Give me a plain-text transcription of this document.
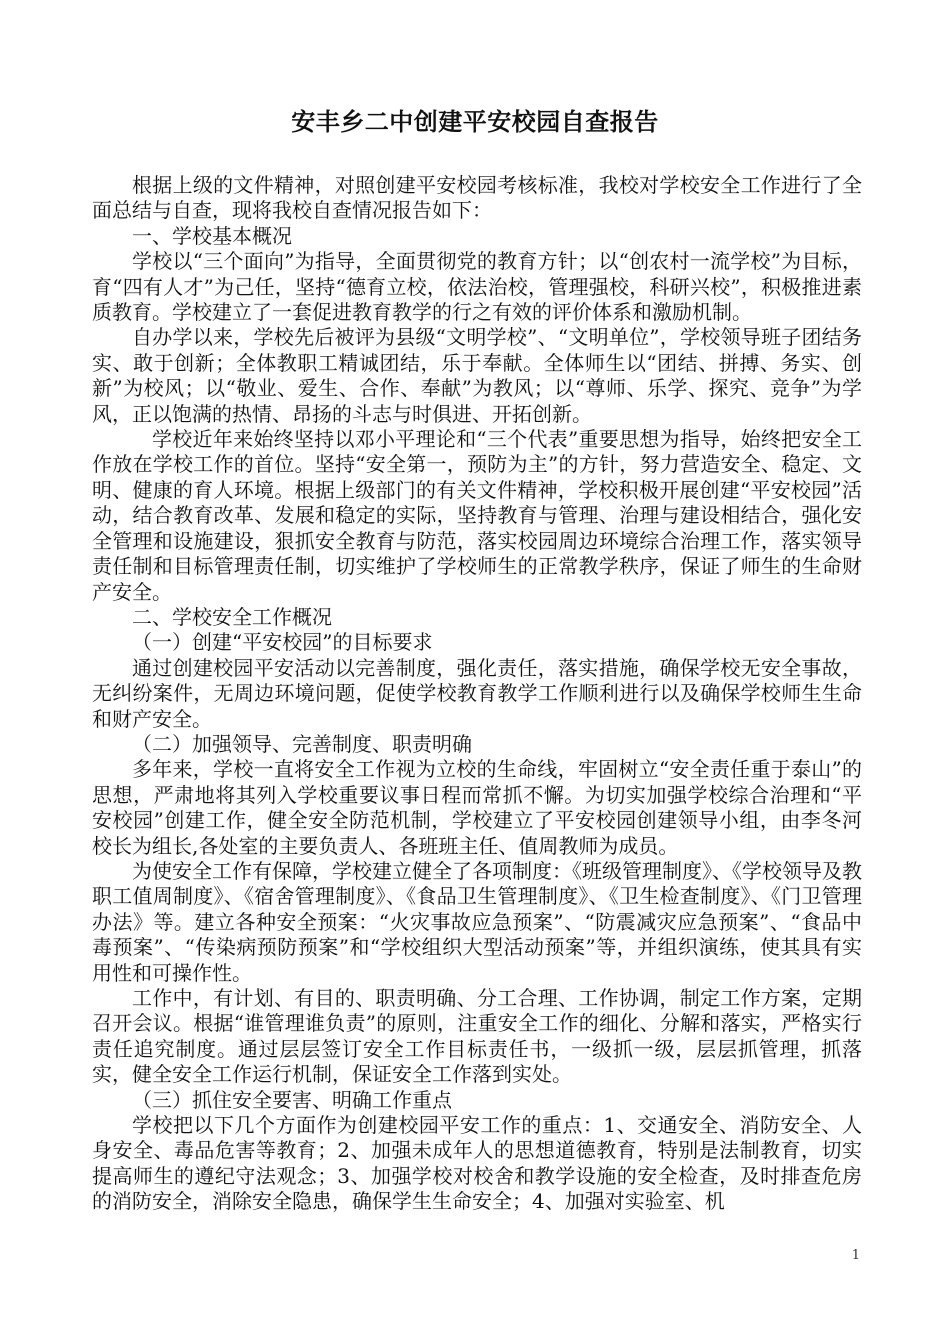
安丰乡二中创建平安校园自查报告

根据上级的文件精神，对照创建平安校园考核标准，我校对学校安全工作进行了全面总结与自查，现将我校自查情况报告如下：

一、学校基本概况

学校以“三个面向”为指导，全面贯彻党的教育方针；以“创农村一流学校”为目标，育“四有人才”为己任，坚持“德育立校，依法治校，管理强校，科研兴校”，积极推进素质教育。学校建立了一套促进教育教学的行之有效的评价体系和激励机制。

自办学以来，学校先后被评为县级“文明学校”、“文明单位”，学校领导班子团结务实、敢于创新；全体教职工精诚团结，乐于奉献。全体师生以“团结、拼搏、务实、创新”为校风；以“敬业、爱生、合作、奉献”为教风；以“尊师、乐学、探究、竞争”为学风，正以饱满的热情、昂扬的斗志与时俱进、开拓创新。

学校近年来始终坚持以邓小平理论和“三个代表”重要思想为指导，始终把安全工作放在学校工作的首位。坚持“安全第一，预防为主”的方针，努力营造安全、稳定、文明、健康的育人环境。根据上级部门的有关文件精神，学校积极开展创建“平安校园”活动，结合教育改革、发展和稳定的实际，坚持教育与管理、治理与建设相结合，强化安全管理和设施建设，狠抓安全教育与防范，落实校园周边环境综合治理工作，落实领导责任制和目标管理责任制，切实维护了学校师生的正常教学秩序，保证了师生的生命财产安全。

二、学校安全工作概况

（一）创建“平安校园”的目标要求

通过创建校园平安活动以完善制度，强化责任，落实措施，确保学校无安全事故，无纠纷案件，无周边环境问题，促使学校教育教学工作顺利进行以及确保学校师生生命和财产安全。

（二）加强领导、完善制度、职责明确

多年来，学校一直将安全工作视为立校的生命线，牢固树立“安全责任重于泰山”的思想，严肃地将其列入学校重要议事日程而常抓不懈。为切实加强学校综合治理和“平安校园”创建工作，健全安全防范机制，学校建立了平安校园创建领导小组，由李冬河校长为组长,各处室的主要负责人、各班班主任、值周教师为成员。

为使安全工作有保障，学校建立健全了各项制度：《班级管理制度》、《学校领导及教职工值周制度》、《宿舍管理制度》、《食品卫生管理制度》、《卫生检查制度》、《门卫管理办法》等。建立各种安全预案：“火灾事故应急预案”、“防震减灾应急预案”、“食品中毒预案”、“传染病预防预案”和“学校组织大型活动预案”等，并组织演练，使其具有实用性和可操作性。

工作中，有计划、有目的、职责明确、分工合理、工作协调，制定工作方案，定期召开会议。根据“谁管理谁负责”的原则，注重安全工作的细化、分解和落实，严格实行责任追究制度。通过层层签订安全工作目标责任书，一级抓一级，层层抓管理，抓落实，健全安全工作运行机制，保证安全工作落到实处。

（三）抓住安全要害、明确工作重点

学校把以下几个方面作为创建校园平安工作的重点：1、交通安全、消防安全、人身安全、毒品危害等教育；2、加强未成年人的思想道德教育，特别是法制教育，切实提高师生的遵纪守法观念；3、加强学校对校舍和教学设施的安全检查，及时排查危房的消防安全，消除安全隐患，确保学生生命安全；4、加强对实验室、机

1
